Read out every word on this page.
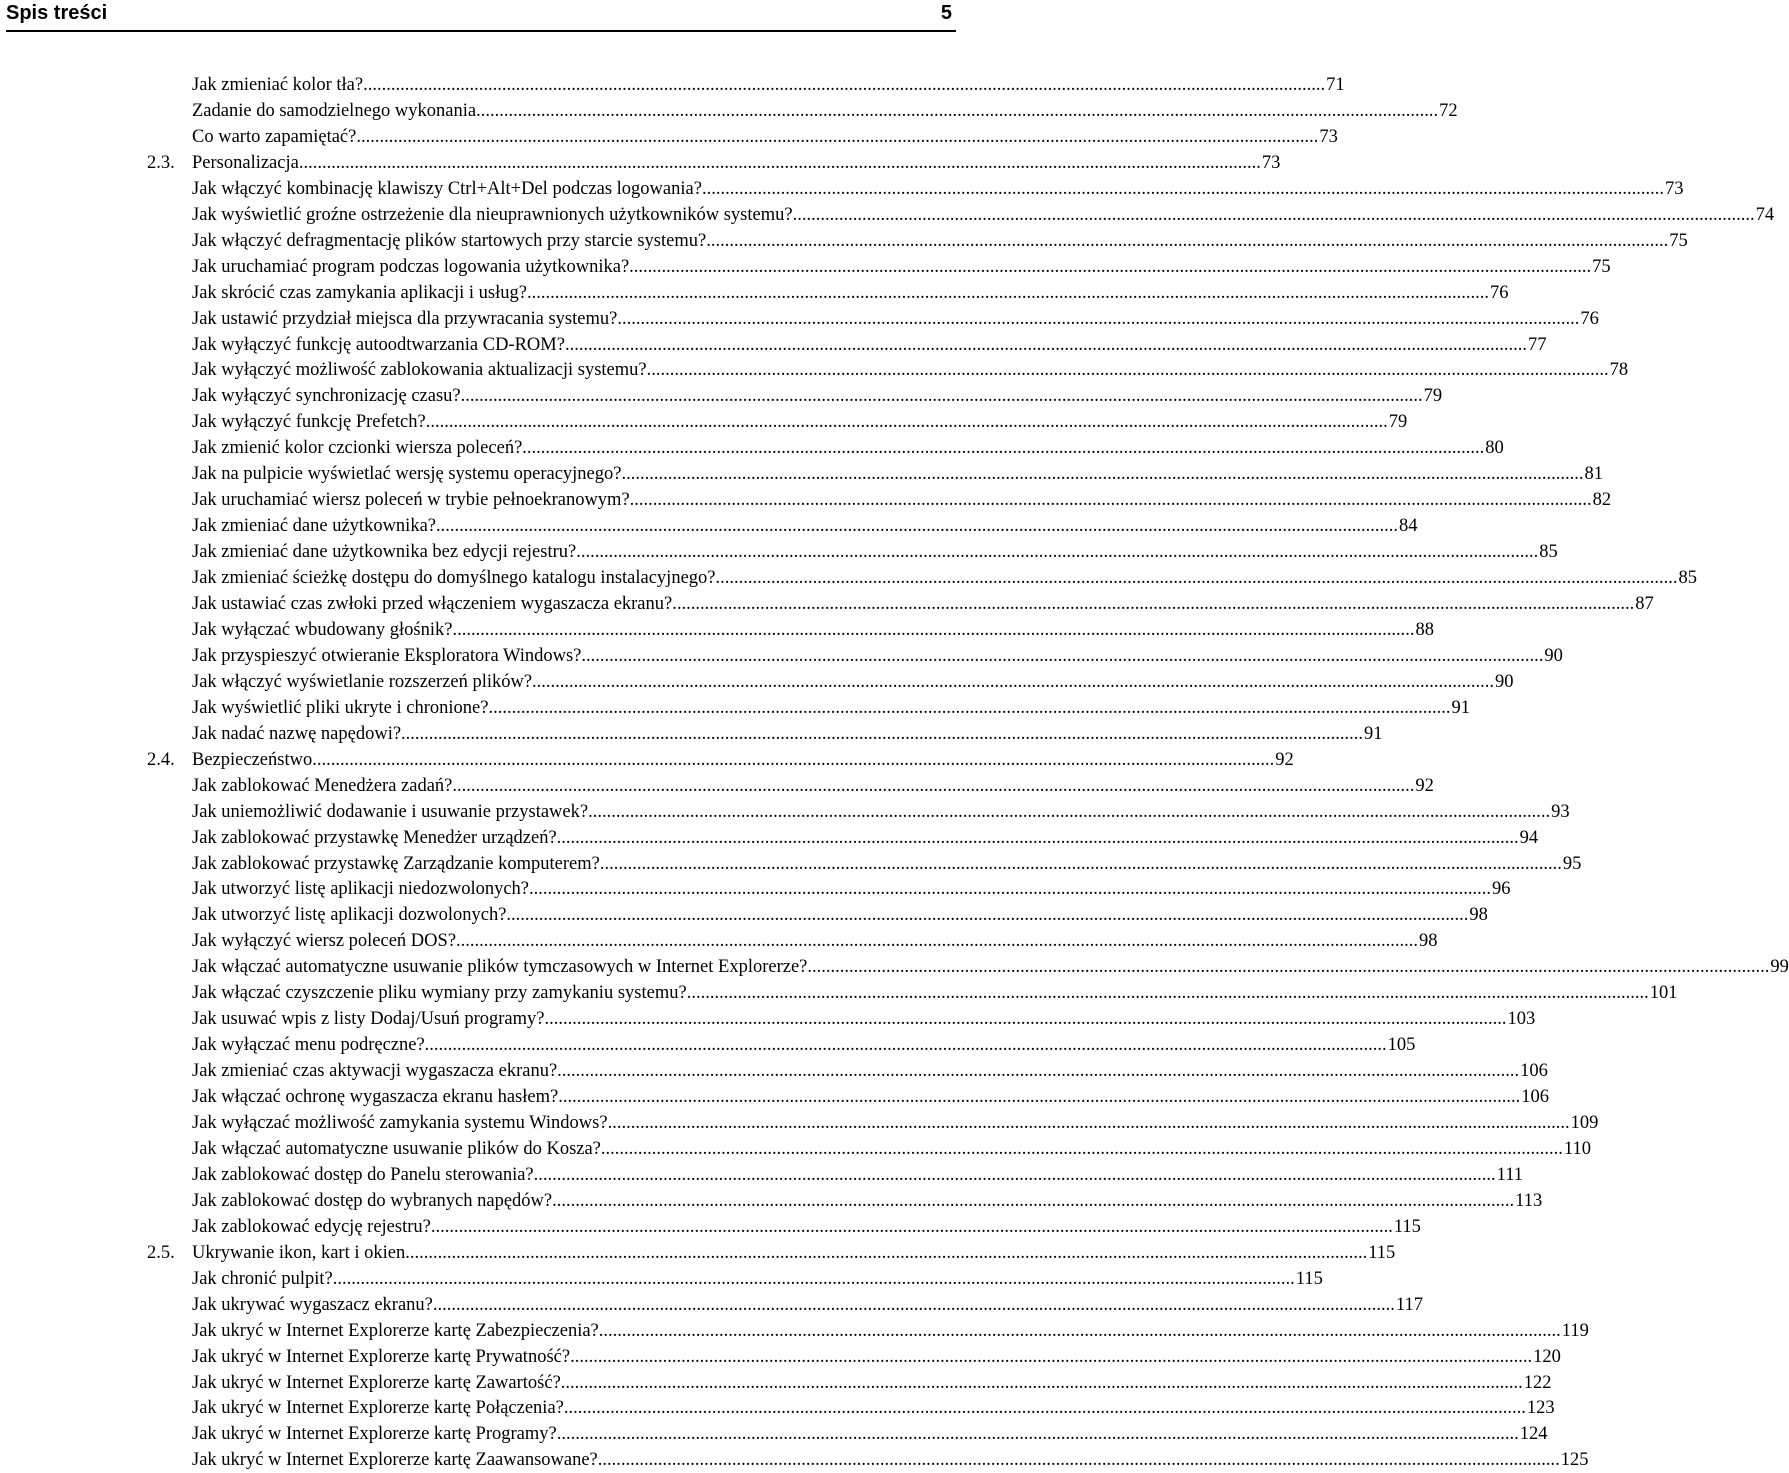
Spis treści	5
Jak zmieniać kolor tła? .....	71
Zadanie do samodzielnego wykonania .....	72
Co warto zapamiętać? .....	73
2.3. Personalizacja .....	73
Jak włączyć kombinację klawiszy Ctrl+Alt+Del podczas logowania? .....	73
Jak wyświetlić groźne ostrzeżenie dla nieuprawnionych użytkowników systemu? .....	74
Jak włączyć defragmentację plików startowych przy starcie systemu? .....	75
Jak uruchamiać program podczas logowania użytkownika? .....	75
Jak skrócić czas zamykania aplikacji i usług? .....	76
Jak ustawić przydział miejsca dla przywracania systemu? .....	76
Jak wyłączyć funkcję autoodtwarzania CD-ROM? .....	77
Jak wyłączyć możliwość zablokowania aktualizacji systemu? .....	78
Jak wyłączyć synchronizację czasu? .....	79
Jak wyłączyć funkcję Prefetch? .....	79
Jak zmienić kolor czcionki wiersza poleceń? .....	80
Jak na pulpicie wyświetlać wersję systemu operacyjnego? .....	81
Jak uruchamiać wiersz poleceń w trybie pełnoekranowym? .....	82
Jak zmieniać dane użytkownika? .....	84
Jak zmieniać dane użytkownika bez edycji rejestru? .....	85
Jak zmieniać ścieżkę dostępu do domyślnego katalogu instalacyjnego? .....	85
Jak ustawiać czas zwłoki przed włączeniem wygaszacza ekranu? .....	87
Jak wyłączać wbudowany głośnik? .....	88
Jak przyspieszyć otwieranie Eksploratora Windows? .....	90
Jak włączyć wyświetlanie rozszerzeń plików? .....	90
Jak wyświetlić pliki ukryte i chronione? .....	91
Jak nadać nazwę napędowi? .....	91
2.4. Bezpieczeństwo .....	92
Jak zablokować Menedżera zadań? .....	92
Jak uniemożliwić dodawanie i usuwanie przystawek? .....	93
Jak zablokować przystawkę Menedżer urządzeń? .....	94
Jak zablokować przystawkę Zarządzanie komputerem? .....	95
Jak utworzyć listę aplikacji niedozwolonych? .....	96
Jak utworzyć listę aplikacji dozwolonych? .....	98
Jak wyłączyć wiersz poleceń DOS? .....	98
Jak włączać automatyczne usuwanie plików tymczasowych w Internet Explorerze? .....	99
Jak włączać czyszczenie pliku wymiany przy zamykaniu systemu? .....	101
Jak usuwać wpis z listy Dodaj/Usuń programy? .....	103
Jak wyłączać menu podręczne? .....	105
Jak zmieniać czas aktywacji wygaszacza ekranu? .....	106
Jak włączać ochronę wygaszacza ekranu hasłem? .....	106
Jak wyłączać możliwość zamykania systemu Windows? .....	109
Jak włączać automatyczne usuwanie plików do Kosza? .....	110
Jak zablokować dostęp do Panelu sterowania? .....	111
Jak zablokować dostęp do wybranych napędów? .....	113
Jak zablokować edycję rejestru? .....	115
2.5. Ukrywanie ikon, kart i okien .....	115
Jak chronić pulpit? .....	115
Jak ukrywać wygaszacz ekranu? .....	117
Jak ukryć w Internet Explorerze kartę Zabezpieczenia? .....	119
Jak ukryć w Internet Explorerze kartę Prywatność? .....	120
Jak ukryć w Internet Explorerze kartę Zawartość? .....	122
Jak ukryć w Internet Explorerze kartę Połączenia? .....	123
Jak ukryć w Internet Explorerze kartę Programy? .....	124
Jak ukryć w Internet Explorerze kartę Zaawansowane? .....	125
